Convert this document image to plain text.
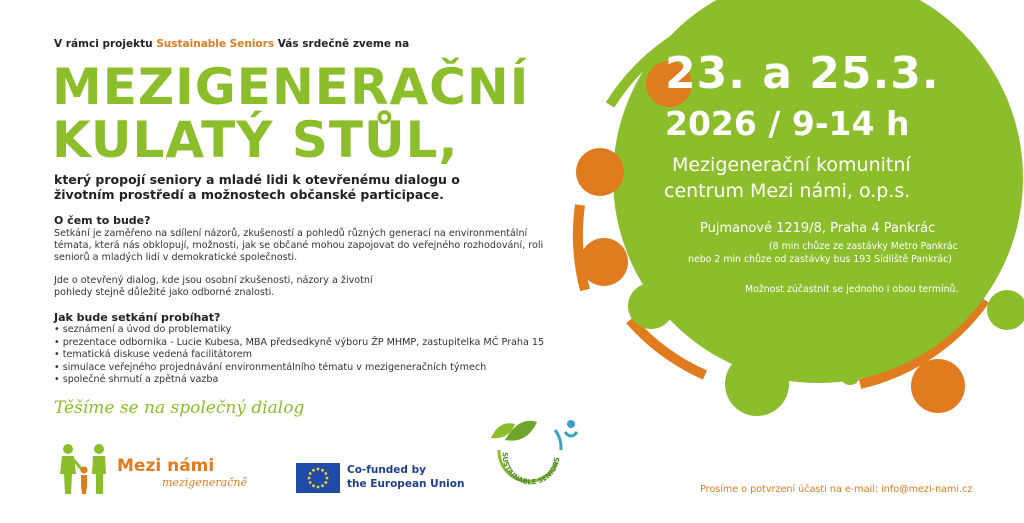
V rámci projektu Sustainable Seniors Vás srdečně zveme na
MEZIGENERAČNÍ
KULATÝ STŮL,
který propojí seniory a mladé lidi k otevřenému dialogu o životním prostředí a možnostech občanské participace.
O čem to bude?
Setkání je zaměřeno na sdílení názorů, zkušeností a pohledů různých generací na environmentální témata, která nás obklopují, možnosti, jak se občané mohou zapojovat do veřejného rozhodování, roli seniorů a mladých lidí v demokratické společnosti.
Jde o otevřený dialog, kde jsou osobní zkušenosti, názory a životní pohledy stejně důležité jako odborné znalosti.
Jak bude setkání probíhat?
• seznámení a úvod do problematiky
• prezentace odbornika - Lucie Kubesa, MBA předsedkyně výboru ŽP MHMP, zastupitelka MČ Praha 15
• tematická diskuse vedená facilitátorem
• simulace veřejného projednávání environmentálního tématu v mezigeneračních týmech
• společné shrnutí a zpětná vazba
Těšíme se na společný dialog
23. a 25.3.
2026 / 9-14 h
Mezigenerační komunitní
centrum Mezi námi, o.p.s.
Pujmanové 1219/8, Praha 4 Pankrác
(8 min chůze ze zastávky Metro Pankrác
nebo 2 min chůze od zastávky bus 193 Sídliště Pankrác)
Možnost zúčastnit se jednoho i obou termínů.
Prosíme o potvrzení účasti na e-mail: info@mezi-nami.cz
Mezi námi
mezigeneračně
Co-funded by
the European Union
SUSTAINABLE SENIORS
